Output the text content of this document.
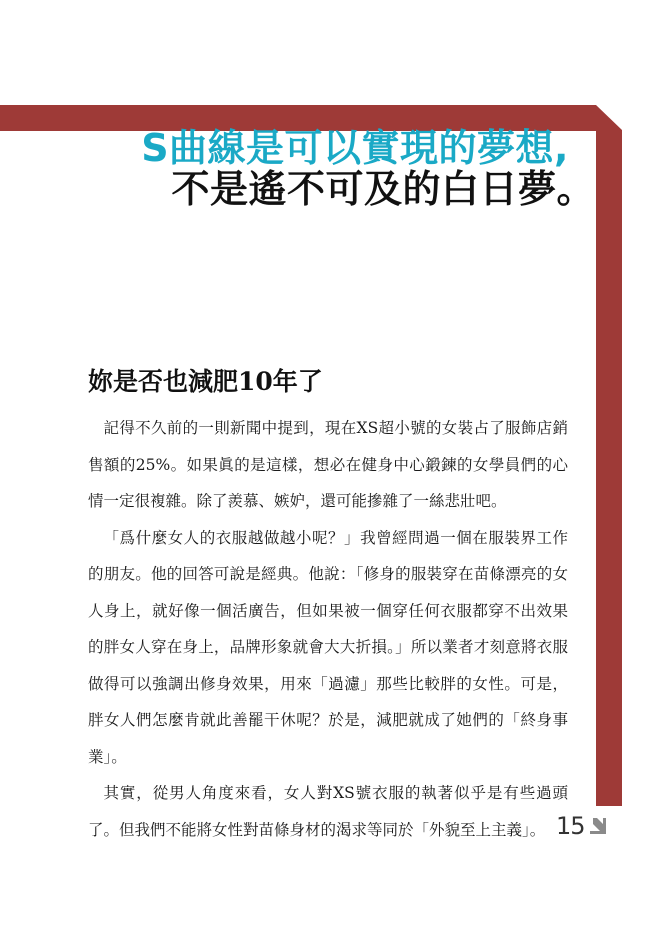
S曲線是可以實現的夢想,
不是遙不可及的白日夢。
妳是否也減肥10年了

記得不久前的一則新聞中提到，現在XS超小號的女裝占了服飾店銷售額的25%。如果眞的是這樣，想必在健身中心鍛鍊的女學員們的心情一定很複雜。除了羨慕、嫉妒，還可能摻雜了一絲悲壯吧。

「爲什麼女人的衣服越做越小呢？」我曾經問過一個在服裝界工作的朋友。他的回答可說是經典。他說：「修身的服裝穿在苗條漂亮的女人身上，就好像一個活廣告，但如果被一個穿任何衣服都穿不出效果的胖女人穿在身上，品牌形象就會大大折損。」所以業者才刻意將衣服做得可以強調出修身效果，用來「過濾」那些比較胖的女性。可是，胖女人們怎麼肯就此善罷干休呢？於是，減肥就成了她們的「終身事業」。

其實，從男人角度來看，女人對XS號衣服的執著似乎是有些過頭了。但我們不能將女性對苗條身材的渴求等同於「外貌至上主義」。 15
